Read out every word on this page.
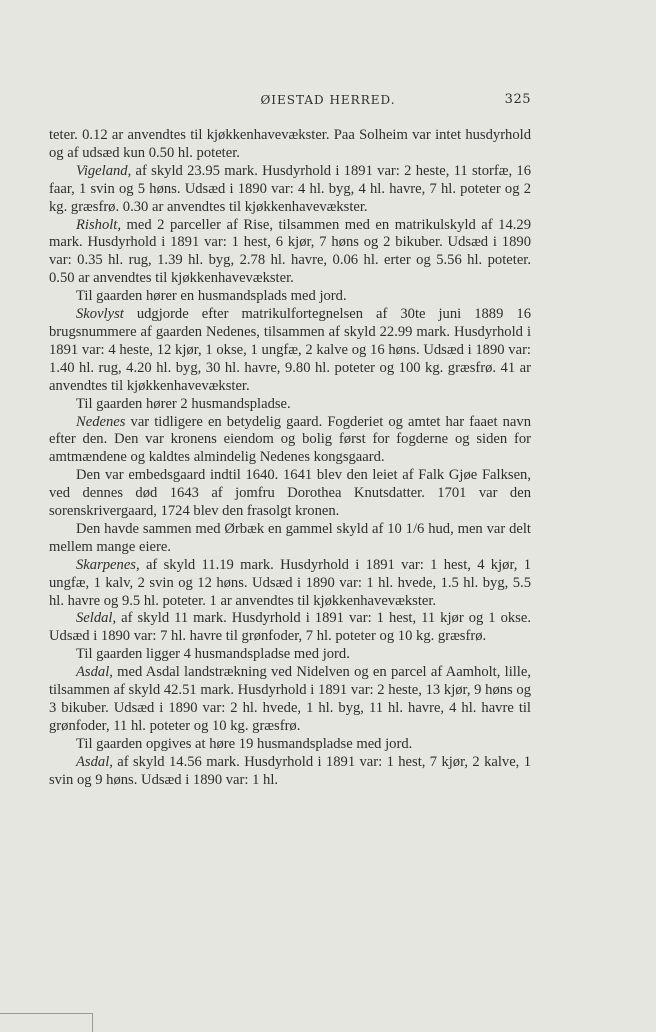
ØIESTAD HERRED.	325

teter. 0.12 ar anvendtes til kjøkkenhavevækster. Paa Solheim var intet husdyrhold og af udsæd kun 0.50 hl. poteter.

Vigeland, af skyld 23.95 mark. Husdyrhold i 1891 var: 2 heste, 11 storfæ, 16 faar, 1 svin og 5 høns. Udsæd i 1890 var: 4 hl. byg, 4 hl. havre, 7 hl. poteter og 2 kg. græsfrø. 0.30 ar anvendtes til kjøkkenhavevækster.

Risholt, med 2 parceller af Rise, tilsammen med en matrikulskyld af 14.29 mark. Husdyrhold i 1891 var: 1 hest, 6 kjør, 7 høns og 2 bikuber. Udsæd i 1890 var: 0.35 hl. rug, 1.39 hl. byg, 2.78 hl. havre, 0.06 hl. erter og 5.56 hl. poteter. 0.50 ar anvendtes til kjøkkenhavevækster.

Til gaarden hører en husmandsplads med jord.

Skovlyst udgjorde efter matrikulfortegnelsen af 30te juni 1889 16 brugsnummere af gaarden Nedenes, tilsammen af skyld 22.99 mark. Husdyrhold i 1891 var: 4 heste, 12 kjør, 1 okse, 1 ungfæ, 2 kalve og 16 høns. Udsæd i 1890 var: 1.40 hl. rug, 4.20 hl. byg, 30 hl. havre, 9.80 hl. poteter og 100 kg. græsfrø. 41 ar anvendtes til kjøkkenhavevækster.

Til gaarden hører 2 husmandspladse.

Nedenes var tidligere en betydelig gaard. Fogderiet og amtet har faaet navn efter den. Den var kronens eiendom og bolig først for fogderne og siden for amtmændene og kaldtes almindelig Nedenes kongsgaard.

Den var embedsgaard indtil 1640. 1641 blev den leiet af Falk Gjøe Falksen, ved dennes død 1643 af jomfru Dorothea Knutsdatter. 1701 var den sorenskrivergaard, 1724 blev den frasolgt kronen.

Den havde sammen med Ørbæk en gammel skyld af 10 1/6 hud, men var delt mellem mange eiere.

Skarpenes, af skyld 11.19 mark. Husdyrhold i 1891 var: 1 hest, 4 kjør, 1 ungfæ, 1 kalv, 2 svin og 12 høns. Udsæd i 1890 var: 1 hl. hvede, 1.5 hl. byg, 5.5 hl. havre og 9.5 hl. poteter. 1 ar anvendtes til kjøkkenhavevækster.

Seldal, af skyld 11 mark. Husdyrhold i 1891 var: 1 hest, 11 kjør og 1 okse. Udsæd i 1890 var: 7 hl. havre til grønfoder, 7 hl. poteter og 10 kg. græsfrø.

Til gaarden ligger 4 husmandspladse med jord.

Asdal, med Asdal landstrækning ved Nidelven og en parcel af Aamholt, lille, tilsammen af skyld 42.51 mark. Husdyrhold i 1891 var: 2 heste, 13 kjør, 9 høns og 3 bikuber. Udsæd i 1890 var: 2 hl. hvede, 1 hl. byg, 11 hl. havre, 4 hl. havre til grønfoder, 11 hl. poteter og 10 kg. græsfrø.

Til gaarden opgives at høre 19 husmandspladse med jord.

Asdal, af skyld 14.56 mark. Husdyrhold i 1891 var: 1 hest, 7 kjør, 2 kalve, 1 svin og 9 høns. Udsæd i 1890 var: 1 hl.
